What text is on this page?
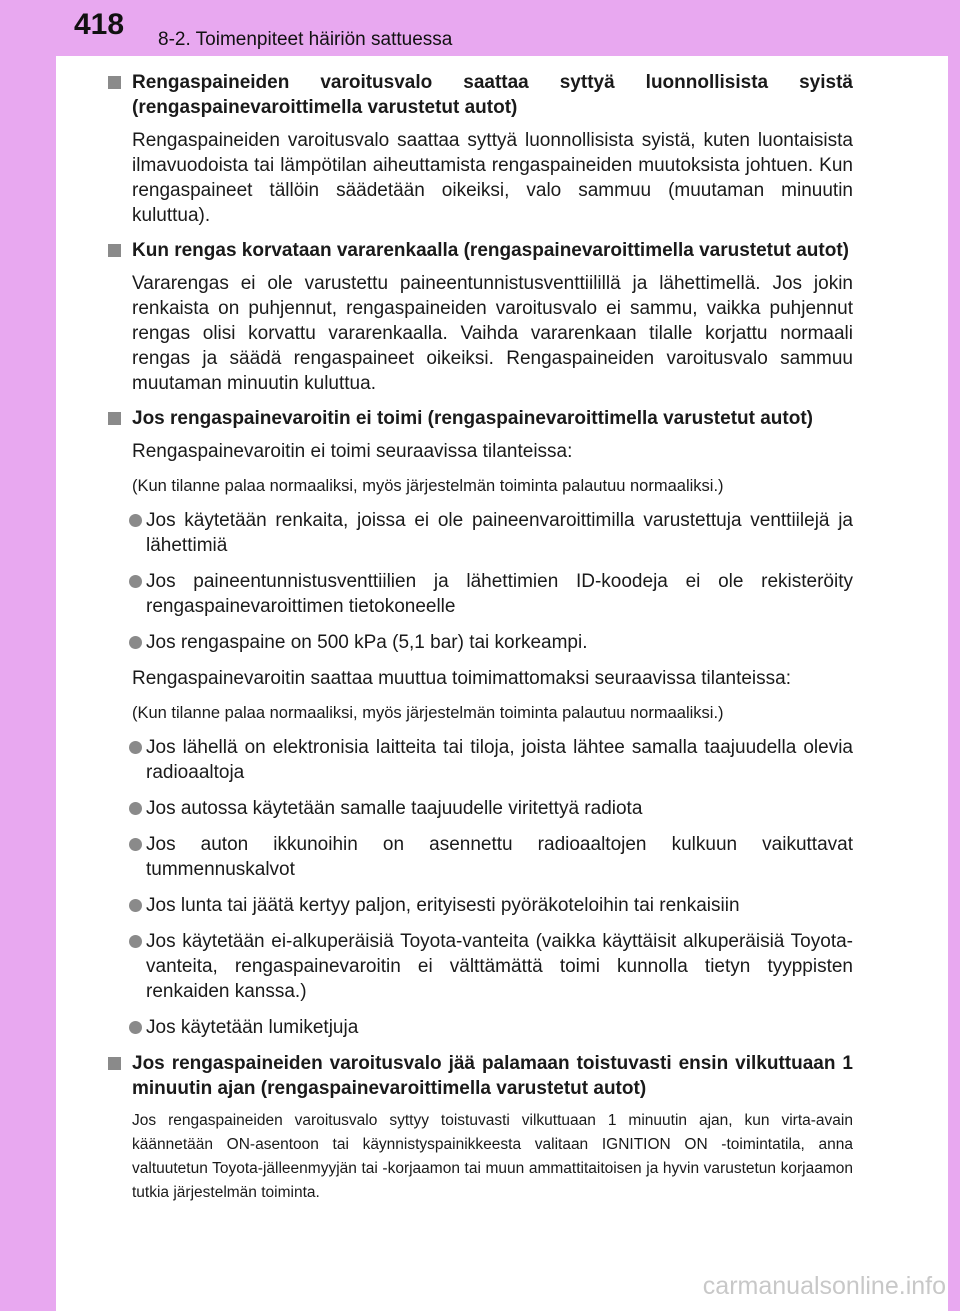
418 8-2. Toimenpiteet häiriön sattuessa
Rengaspaineiden varoitusvalo saattaa syttyä luonnollisista syistä (rengaspainevaroittimella varustetut autot)
Rengaspaineiden varoitusvalo saattaa syttyä luonnollisista syistä, kuten luontaisista ilmavuodoista tai lämpötilan aiheuttamista rengaspaineiden muutoksista johtuen. Kun rengaspaineet tällöin säädetään oikeiksi, valo sammuu (muutaman minuutin kuluttua).
Kun rengas korvataan vararenkaalla (rengaspainevaroittimella varustetut autot)
Vararengas ei ole varustettu paineentunnistusventtiilillä ja lähettimellä. Jos jokin renkaista on puhjennut, rengaspaineiden varoitusvalo ei sammu, vaikka puhjennut rengas olisi korvattu vararenkaalla. Vaihda vararenkaan tilalle korjattu normaali rengas ja säädä rengaspaineet oikeiksi. Rengaspaineiden varoitusvalo sammuu muutaman minuutin kuluttua.
Jos rengaspainevaroitin ei toimi (rengaspainevaroittimella varustetut autot)
Rengaspainevaroitin ei toimi seuraavissa tilanteissa:
(Kun tilanne palaa normaaliksi, myös järjestelmän toiminta palautuu normaaliksi.)
Jos käytetään renkaita, joissa ei ole paineenvaroittimilla varustettuja venttiilejä ja lähettimiä
Jos paineentunnistusventtiilien ja lähettimien ID-koodeja ei ole rekisteröity rengaspainevaroittimen tietokoneelle
Jos rengaspaine on 500 kPa (5,1 bar) tai korkeampi.
Rengaspainevaroitin saattaa muuttua toimimattomaksi seuraavissa tilanteissa:
(Kun tilanne palaa normaaliksi, myös järjestelmän toiminta palautuu normaaliksi.)
Jos lähellä on elektronisia laitteita tai tiloja, joista lähtee samalla taajuudella olevia radioaaltoja
Jos autossa käytetään samalle taajuudelle viritettyä radiota
Jos auton ikkunoihin on asennettu radioaaltojen kulkuun vaikuttavat tummennuskalvot
Jos lunta tai jäätä kertyy paljon, erityisesti pyöräkoteloihin tai renkaisiin
Jos käytetään ei-alkuperäisiä Toyota-vanteita (vaikka käyttäisit alkuperäisiä Toyota-vanteita, rengaspainevaroitin ei välttämättä toimi kunnolla tietyn tyyppisten renkaiden kanssa.)
Jos käytetään lumiketjuja
Jos rengaspaineiden varoitusvalo jää palamaan toistuvasti ensin vilkuttuaan 1 minuutin ajan (rengaspainevaroittimella varustetut autot)
Jos rengaspaineiden varoitusvalo syttyy toistuvasti vilkuttuaan 1 minuutin ajan, kun virta-avain käännetään ON-asentoon tai käynnistyspainikkeesta valitaan IGNITION ON -toimintatila, anna valtuutetun Toyota-jälleenmyyjän tai -korjaamon tai muun ammattitaitoisen ja hyvin varustetun korjaamon tutkia järjestelmän toiminta.
carmanualsonline.info
